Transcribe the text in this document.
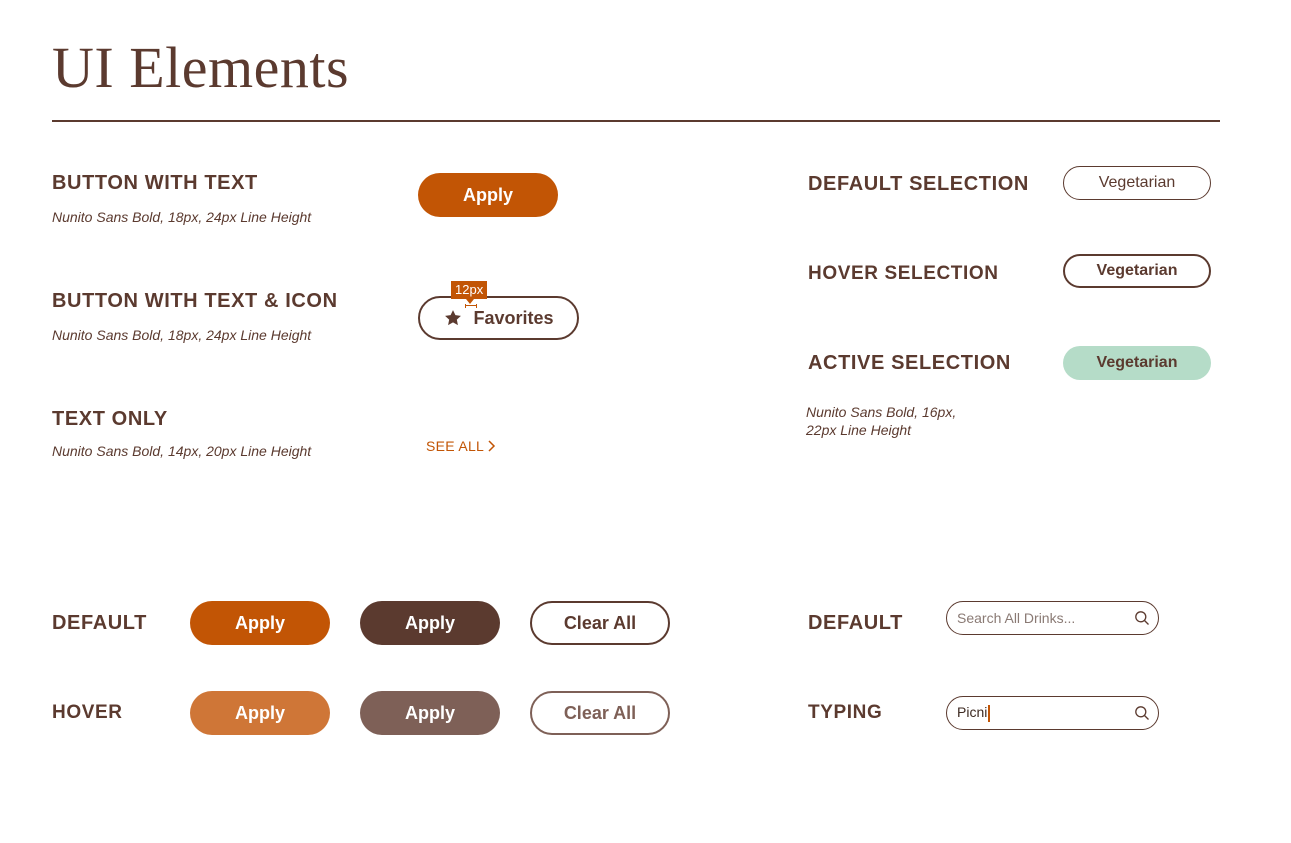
UI Elements
BUTTON WITH TEXT
Nunito Sans Bold, 18px, 24px Line Height
Apply
BUTTON WITH TEXT & ICON
Nunito Sans Bold, 18px, 24px Line Height
Favorites
12px
TEXT ONLY
Nunito Sans Bold, 14px, 20px Line Height	SEE ALL
DEFAULT SELECTION	Vegetarian
HOVER SELECTION	Vegetarian
ACTIVE SELECTION	Vegetarian
Nunito Sans Bold, 16px,
22px Line Height
DEFAULT	Apply	Apply	Clear All
HOVER	Apply	Apply	Clear All
DEFAULT	Search All Drinks...
TYPING	Picni
